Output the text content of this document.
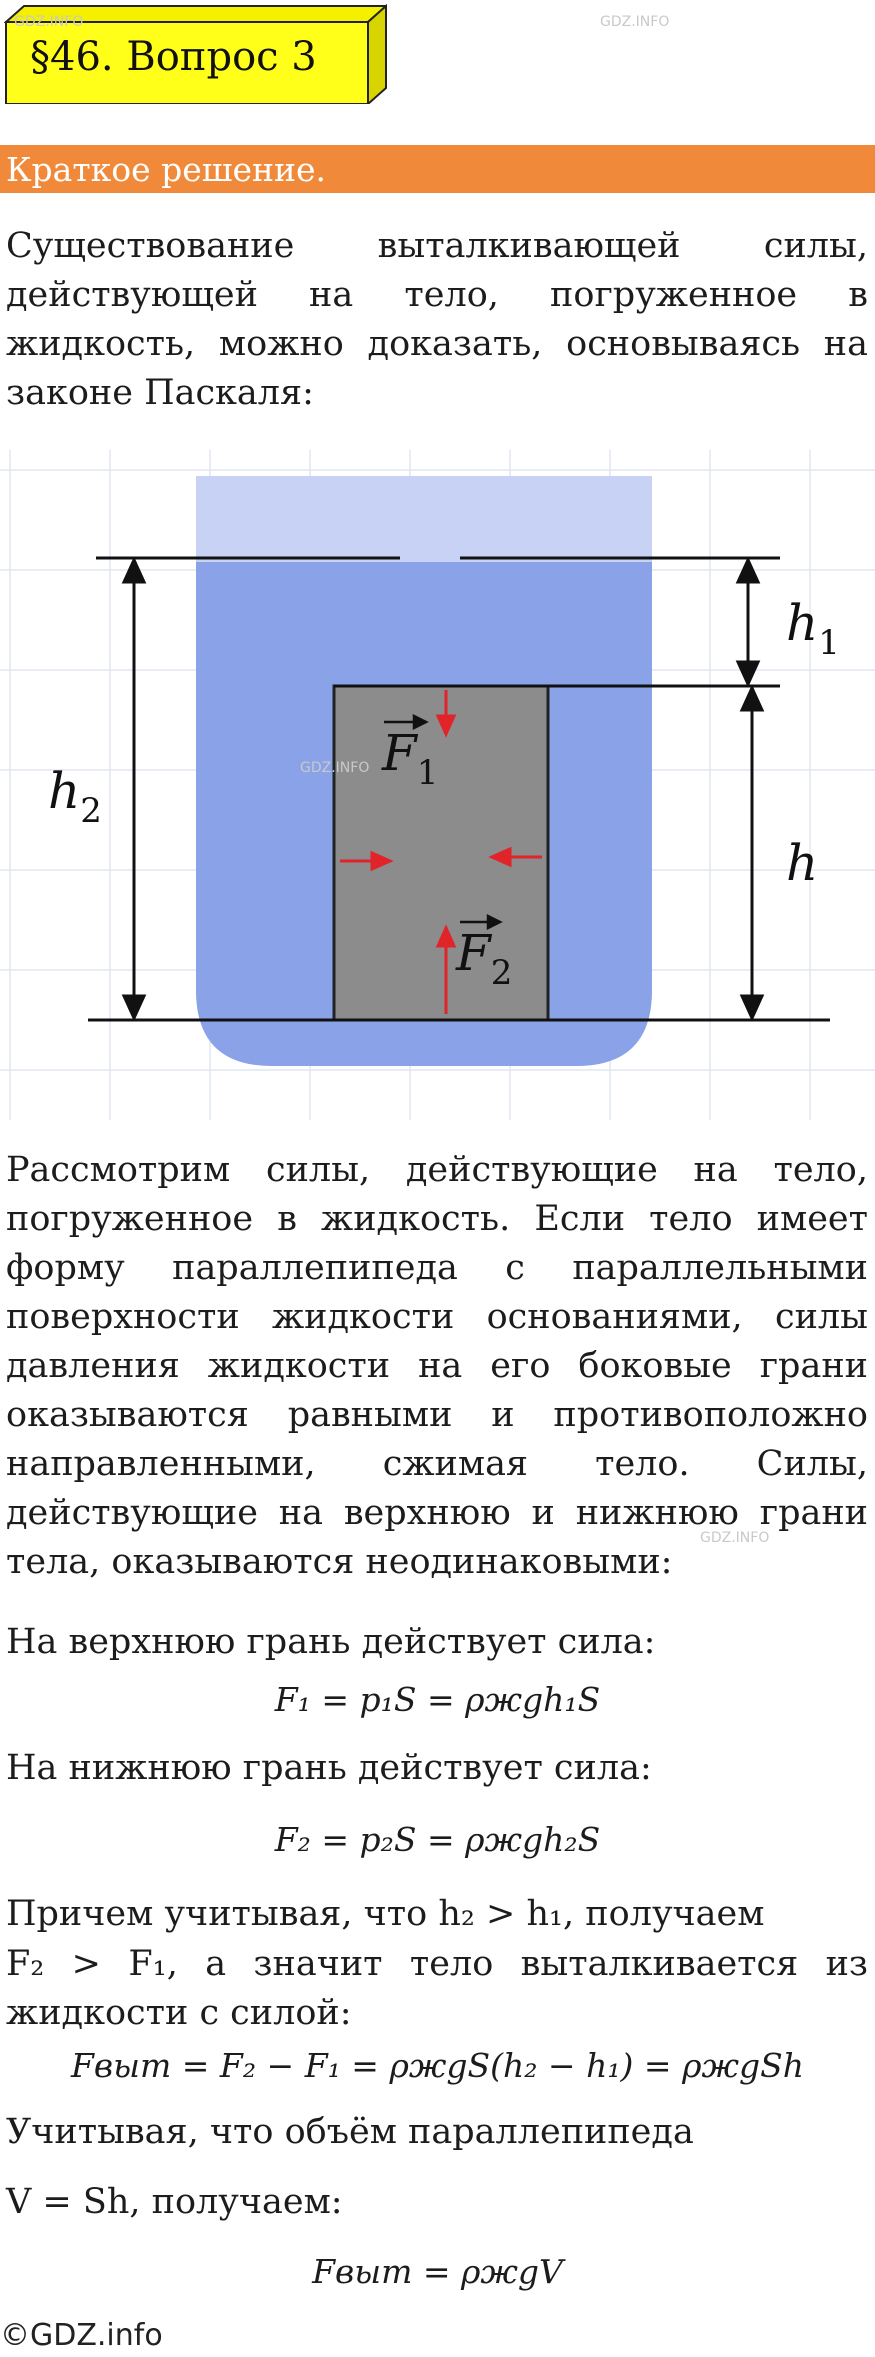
§46. Вопрос 3
Краткое решение.

Существование выталкивающей силы, действующей на тело, погруженное в жидкость, можно доказать, основываясь на законе Паскаля:

$h_1$
$h_2$
h
$F_1$
$F_2$

Рассмотрим силы, действующие на тело, погруженное в жидкость. Если тело имеет форму параллепипеда с параллельными поверхности жидкости основаниями, силы давления жидкости на его боковые грани оказываются равными и противоположно направленными, сжимая тело. Силы, действующие на верхнюю и нижнюю грани тела, оказываются неодинаковыми:

На верхнюю грань действует сила:
F₁ = p₁S = ρжgh₁S
На нижнюю грань действует сила:
F₂ = p₂S = ρжgh₂S
Причем учитывая, что h₂ > h₁, получаем

F₂ > F₁, а значит тело выталкивается из жидкости с силой:

Fвыт = F₂ − F₁ = ρжgS(h₂ − h₁) = ρжgSh
Учитывая, что объём параллепипеда
V = Sh, получаем:
Fвыт = ρжgV
©GDZ.info
GDZ.INFO	GDZ.INFO
GDZ.INFO
GDZ.INFO
